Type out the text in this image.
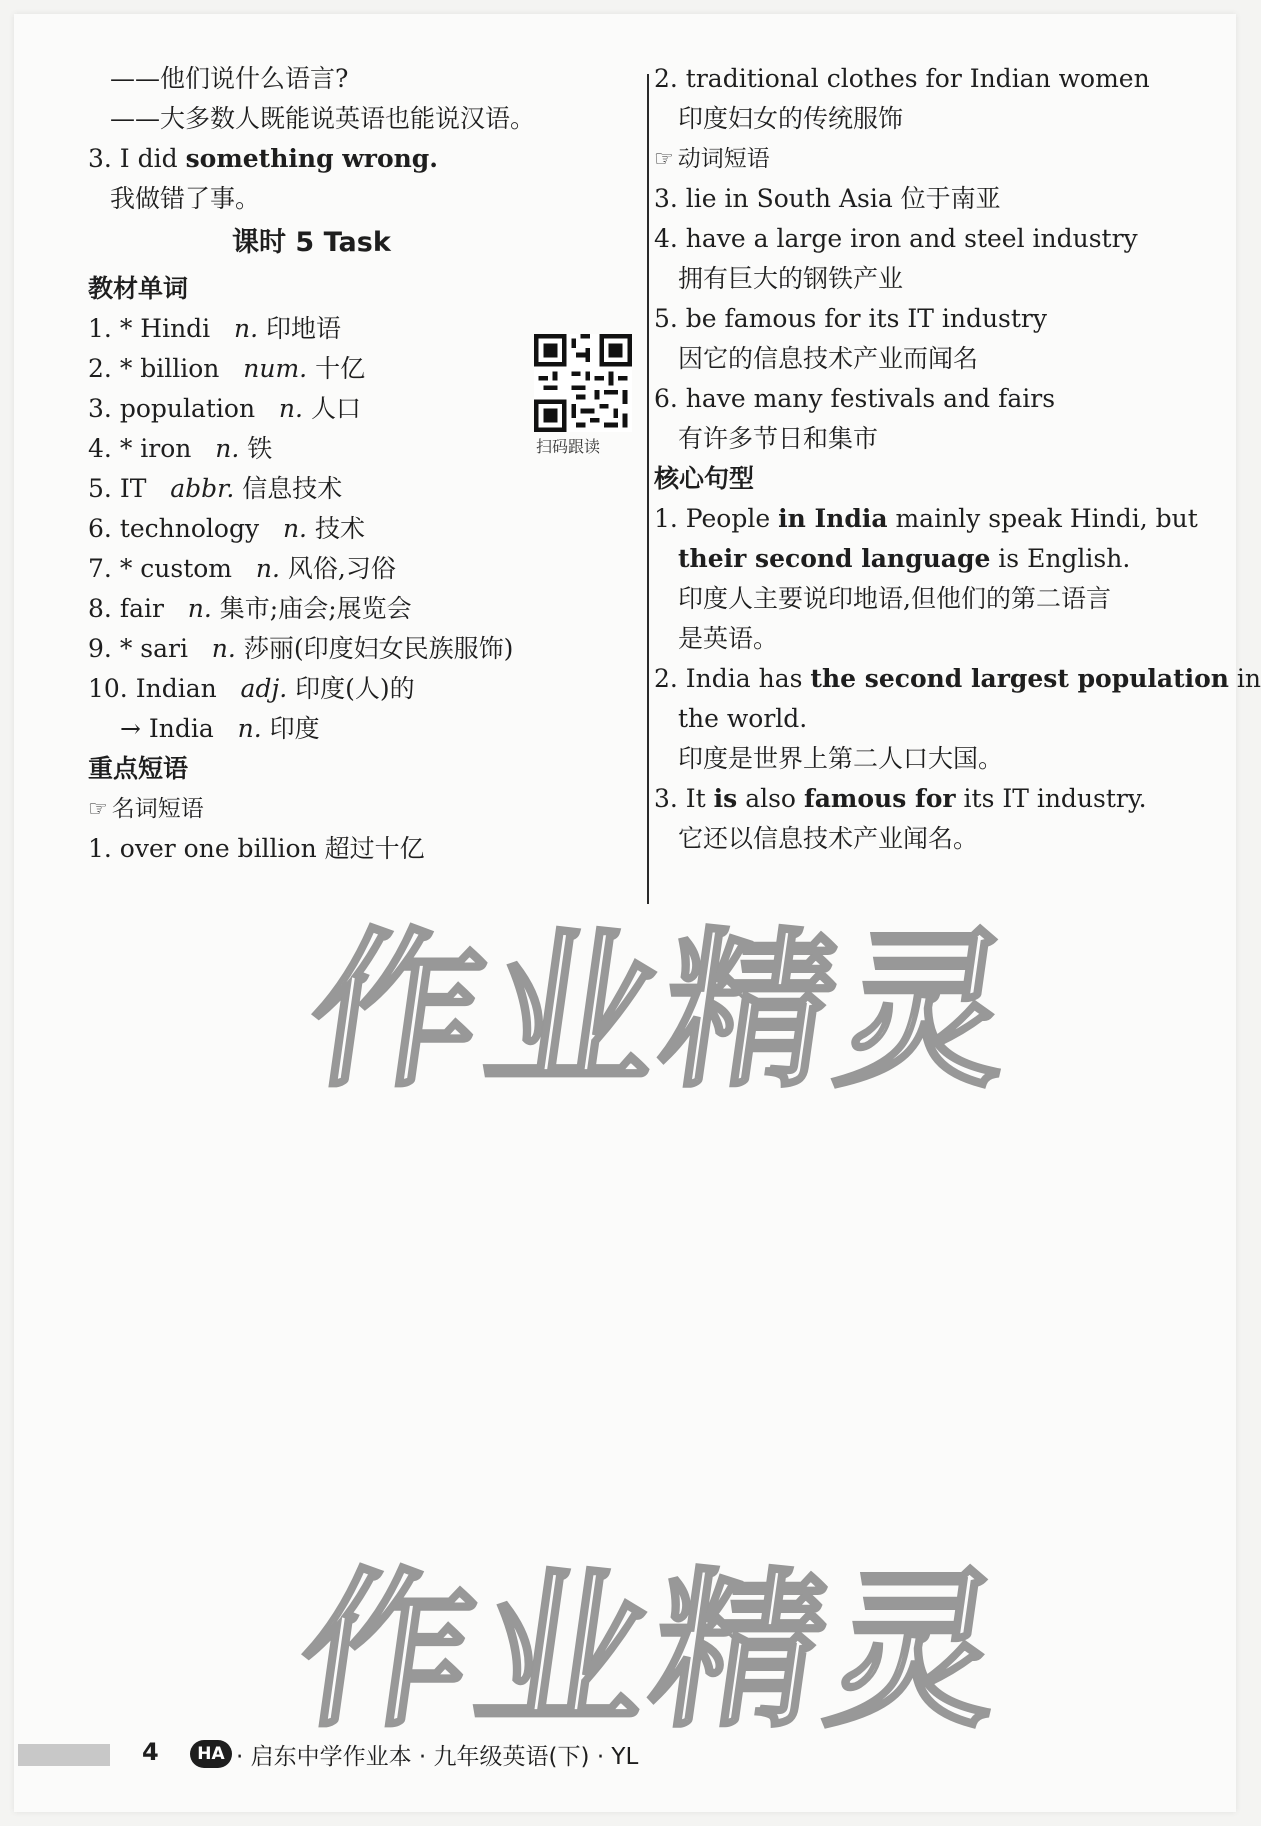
——他们说什么语言?
——大多数人既能说英语也能说汉语。
3. I did something wrong.
我做错了事。
课时 5 Task
教材单词
扫码跟读
1. * Hindi n. 印地语
2. * billion num. 十亿
3. population n. 人口
4. * iron n. 铁
5. IT abbr. 信息技术
6. technology n. 技术
7. * custom n. 风俗,习俗
8. fair n. 集市;庙会;展览会
9. * sari n. 莎丽(印度妇女民族服饰)
10. Indian adj. 印度(人)的
→ India n. 印度
重点短语
☞ 名词短语
1. over one billion 超过十亿
2. traditional clothes for Indian women
印度妇女的传统服饰
☞ 动词短语
3. lie in South Asia 位于南亚
4. have a large iron and steel industry
拥有巨大的钢铁产业
5. be famous for its IT industry
因它的信息技术产业而闻名
6. have many festivals and fairs
有许多节日和集市
核心句型
1. People in India mainly speak Hindi, but
their second language is English.
印度人主要说印地语,但他们的第二语言
是英语。
2. India has the second largest population in
the world.
印度是世界上第二人口大国。
3. It is also famous for its IT industry.
它还以信息技术产业闻名。
作业精灵
作业精灵
4	HA · 启东中学作业本 · 九年级英语(下) · YL
